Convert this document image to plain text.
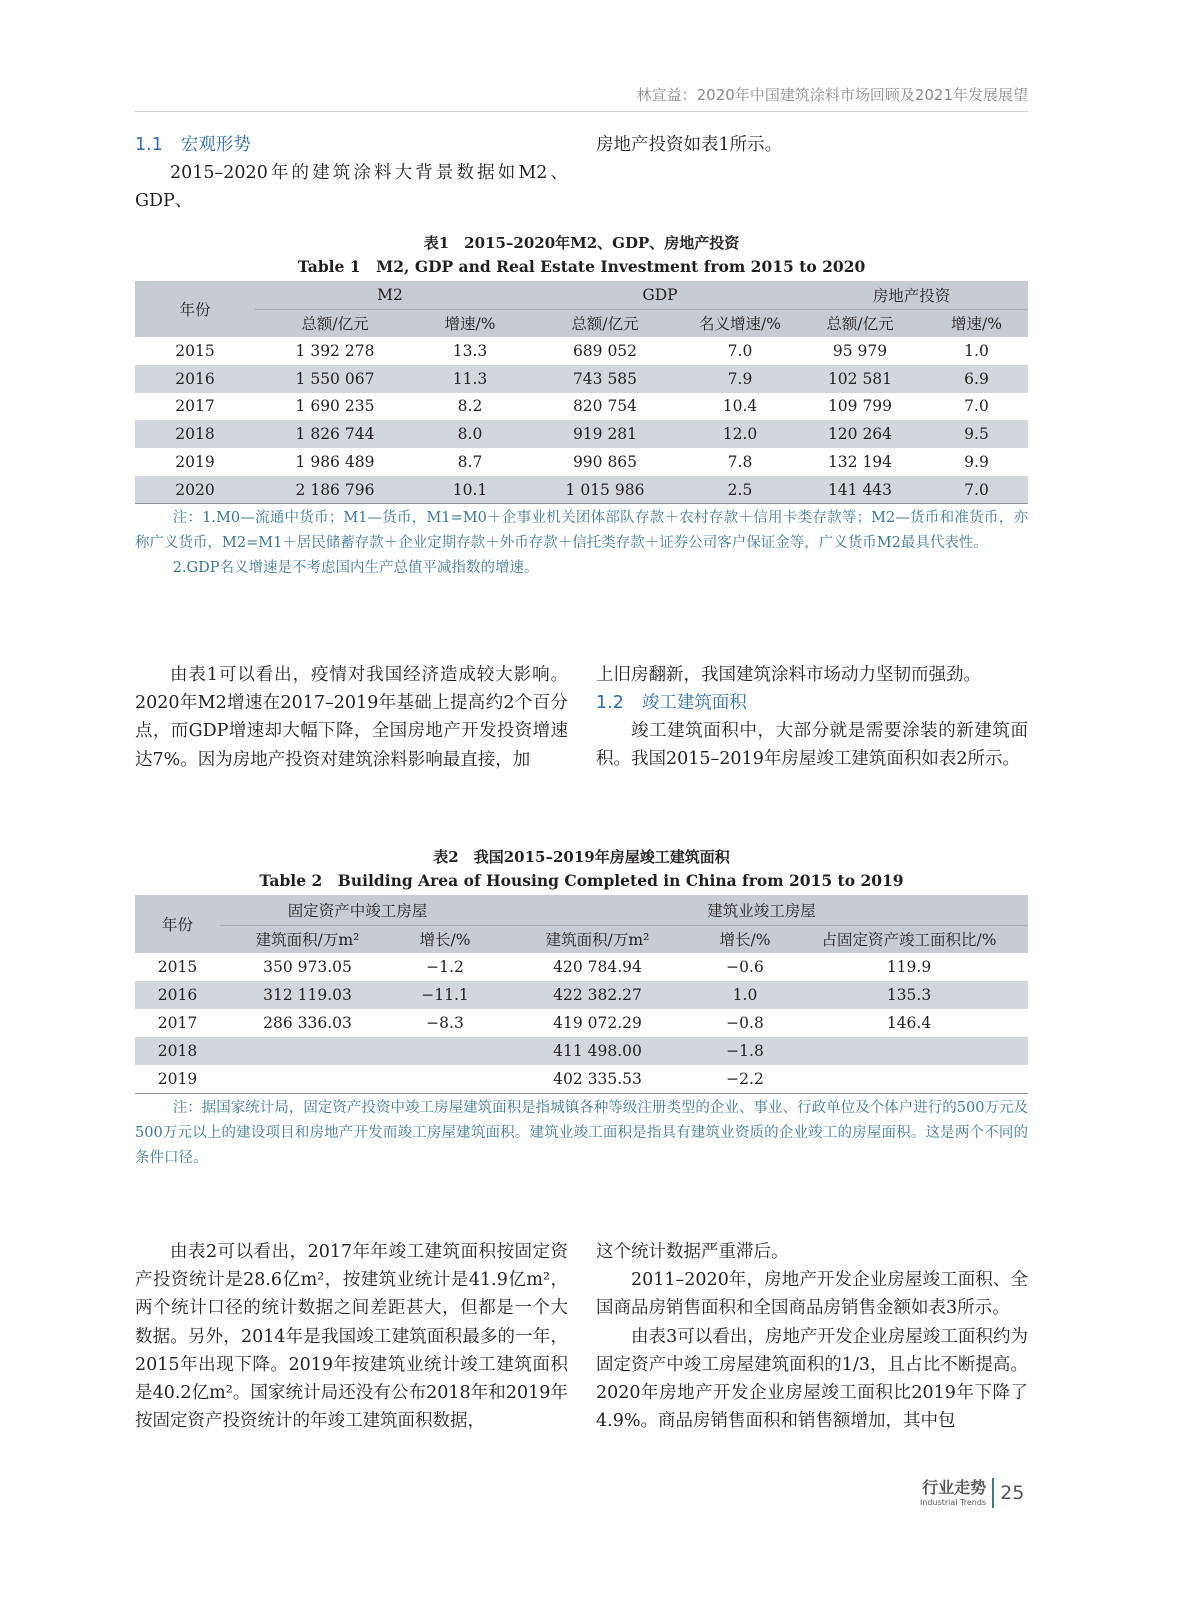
林宣益：2020年中国建筑涂料市场回顾及2021年发展展望
1.1 宏观形势

2015–2020年的建筑涂料大背景数据如M2、GDP、

房地产投资如表1所示。

表1　2015–2020年M2、GDP、房地产投资
Table 1　M2, GDP and Real Estate Investment from 2015 to 2020
年份	M2		GDP		房地产投资	
	总额/亿元	增速/%	总额/亿元	名义增速/%	总额/亿元	增速/%
2015	1 392 278	13.3	689 052	7.0	95 979	1.0
2016	1 550 067	11.3	743 585	7.9	102 581	6.9
2017	1 690 235	8.2	820 754	10.4	109 799	7.0
2018	1 826 744	8.0	919 281	12.0	120 264	9.5
2019	1 986 489	8.7	990 865	7.8	132 194	9.9
2020	2 186 796	10.1	1 015 986	2.5	141 443	7.0

注：1.M0—流通中货币；M1—货币，M1=M0＋企事业机关团体部队存款＋农村存款＋信用卡类存款等；M2—货币和准货币，亦称广义货币，M2=M1＋居民储蓄存款＋企业定期存款＋外币存款＋信托类存款＋证券公司客户保证金等，广义货币M2最具代表性。

2.GDP名义增速是不考虑国内生产总值平减指数的增速。

由表1可以看出，疫情对我国经济造成较大影响。2020年M2增速在2017–2019年基础上提高约2个百分点，而GDP增速却大幅下降，全国房地产开发投资增速达7%。因为房地产投资对建筑涂料影响最直接，加

上旧房翻新，我国建筑涂料市场动力坚韧而强劲。

1.2 竣工建筑面积

竣工建筑面积中，大部分就是需要涂装的新建筑面积。我国2015–2019年房屋竣工建筑面积如表2所示。

表2　我国2015–2019年房屋竣工建筑面积
Table 2　Building Area of Housing Completed in China from 2015 to 2019
年份	固定资产中竣工房屋		建筑业竣工房屋		
	建筑面积/万m²	增长/%	建筑面积/万m²	增长/%	占固定资产竣工面积比/%
2015	350 973.05	−1.2	420 784.94	−0.6	119.9
2016	312 119.03	−11.1	422 382.27	1.0	135.3
2017	286 336.03	−8.3	419 072.29	−0.8	146.4
2018			411 498.00	−1.8	
2019			402 335.53	−2.2	

注：据国家统计局，固定资产投资中竣工房屋建筑面积是指城镇各种等级注册类型的企业、事业、行政单位及个体户进行的500万元及500万元以上的建设项目和房地产开发而竣工房屋建筑面积。建筑业竣工面积是指具有建筑业资质的企业竣工的房屋面积。这是两个不同的条件口径。

由表2可以看出，2017年年竣工建筑面积按固定资产投资统计是28.6亿m²，按建筑业统计是41.9亿m²，两个统计口径的统计数据之间差距甚大，但都是一个大数据。另外，2014年是我国竣工建筑面积最多的一年，2015年出现下降。2019年按建筑业统计竣工建筑面积是40.2亿m²。国家统计局还没有公布2018年和2019年按固定资产投资统计的年竣工建筑面积数据，

这个统计数据严重滞后。

2011–2020年，房地产开发企业房屋竣工面积、全国商品房销售面积和全国商品房销售金额如表3所示。

由表3可以看出，房地产开发企业房屋竣工面积约为固定资产中竣工房屋建筑面积的1/3，且占比不断提高。2020年房地产开发企业房屋竣工面积比2019年下降了4.9%。商品房销售面积和销售额增加，其中包

行业走势
Industrial Trends 25
